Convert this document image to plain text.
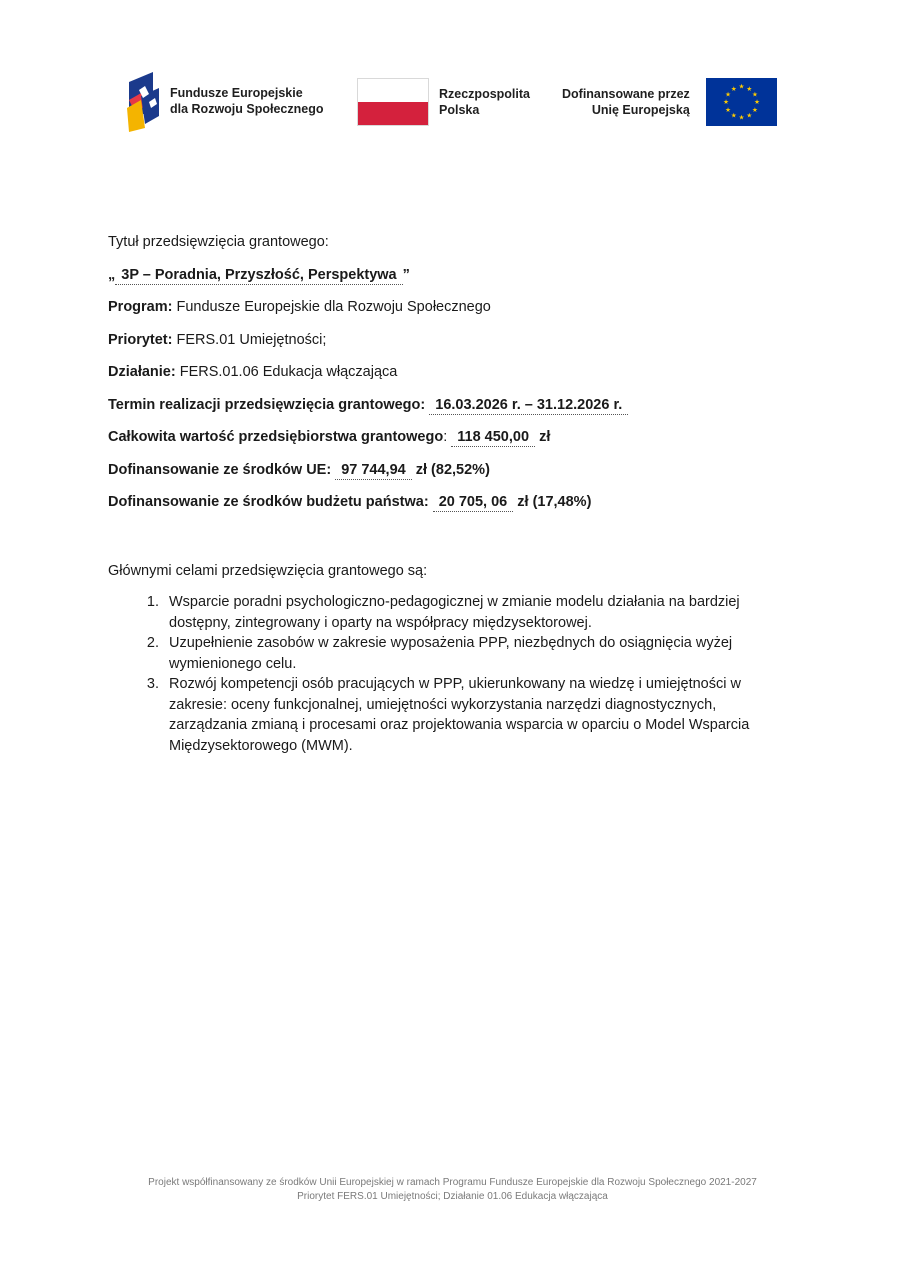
Fundusze Europejskie
dla Rozwoju Społecznego
Rzeczpospolita
Polska
Dofinansowane przez
Unię Europejską
★ ★
★
★
★
★
★
★
★
★
★
★

Tytuł przedsięwzięcia grantowego:

„ 3P – Poradnia, Przyszłość, Perspektywa ”

Program: Fundusze Europejskie dla Rozwoju Społecznego

Priorytet: FERS.01 Umiejętności;

Działanie: FERS.01.06 Edukacja włączająca

Termin realizacji przedsięwzięcia grantowego: 16.03.2026 r. – 31.12.2026 r.

Całkowita wartość przedsiębiorstwa grantowego: 118 450,00 zł

Dofinansowanie ze środków UE: 97 744,94 zł (82,52%)

Dofinansowanie ze środków budżetu państwa: 20 705, 06 zł (17,48%)

Głównymi celami przedsięwzięcia grantowego są:

1. Wsparcie poradni psychologiczno-pedagogicznej w zmianie modelu działania na bardziej dostępny, zintegrowany i oparty na współpracy międzysektorowej.
2. Uzupełnienie zasobów w zakresie wyposażenia PPP, niezbędnych do osiągnięcia wyżej wymienionego celu.
3. Rozwój kompetencji osób pracujących w PPP, ukierunkowany na wiedzę i umiejętności w zakresie: oceny funkcjonalnej, umiejętności wykorzystania narzędzi diagnostycznych, zarządzania zmianą i procesami oraz projektowania wsparcia w oparciu o Model Wsparcia Międzysektorowego (MWM).
Projekt współfinansowany ze środków Unii Europejskiej w ramach Programu Fundusze Europejskie dla Rozwoju Społecznego 2021-2027
Priorytet FERS.01 Umiejętności; Działanie 01.06 Edukacja włączająca
